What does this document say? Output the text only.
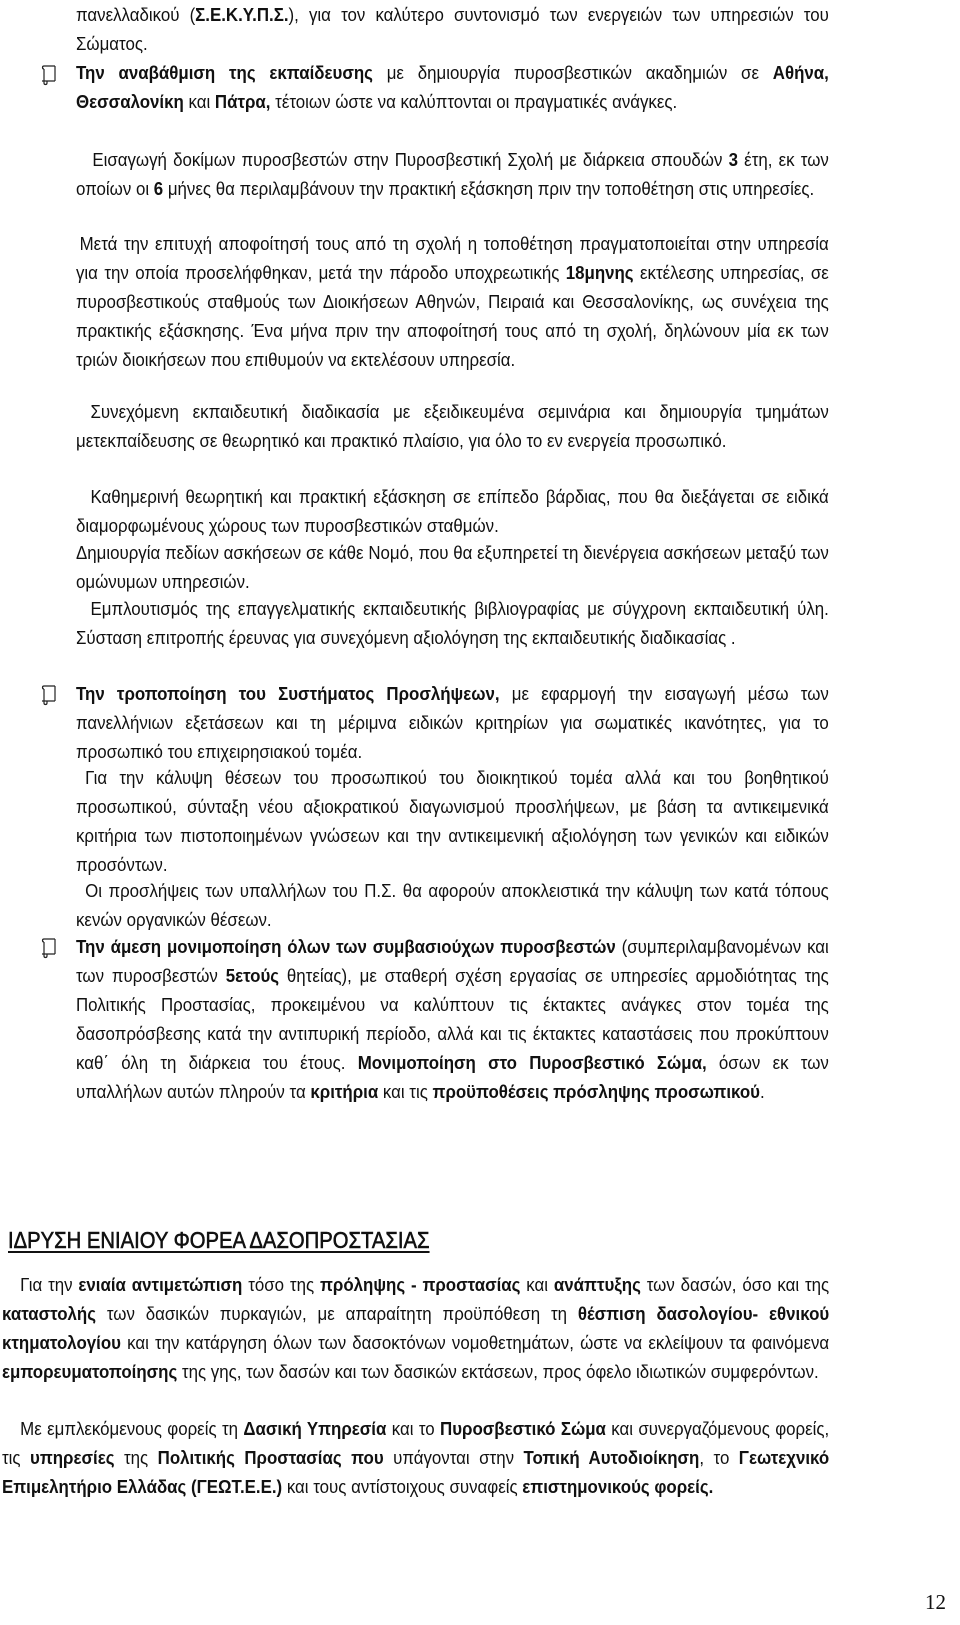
πανελλαδικού (Σ.Ε.Κ.Υ.Π.Σ.), για τον καλύτερο συντονισμό των ενεργειών των υπηρεσιών του Σώματος.
Την αναβάθμιση της εκπαίδευσης με δημιουργία πυροσβεστικών ακαδημιών σε Αθήνα, Θεσσαλονίκη και Πάτρα, τέτοιων ώστε να καλύπτονται οι πραγματικές ανάγκες.
Εισαγωγή δοκίμων πυροσβεστών στην Πυροσβεστική Σχολή με διάρκεια σπουδών 3 έτη, εκ των οποίων οι 6 μήνες θα περιλαμβάνουν την πρακτική εξάσκηση πριν την τοποθέτηση στις υπηρεσίες.
Μετά την επιτυχή αποφοίτησή τους από τη σχολή η τοποθέτηση πραγματοποιείται στην υπηρεσία για την οποία προσελήφθηκαν, μετά την πάροδο υποχρεωτικής 18μηνης εκτέλεσης υπηρεσίας, σε πυροσβεστικούς σταθμούς των Διοικήσεων Αθηνών, Πειραιά και Θεσσαλονίκης, ως συνέχεια της πρακτικής εξάσκησης. Ένα μήνα πριν την αποφοίτησή τους από τη σχολή, δηλώνουν μία εκ των τριών διοικήσεων που επιθυμούν να εκτελέσουν υπηρεσία.
Συνεχόμενη εκπαιδευτική διαδικασία με εξειδικευμένα σεμινάρια και δημιουργία τμημάτων μετεκπαίδευσης σε θεωρητικό και πρακτικό πλαίσιο, για όλο το εν ενεργεία προσωπικό.
Καθημερινή θεωρητική και πρακτική εξάσκηση σε επίπεδο βάρδιας, που θα διεξάγεται σε ειδικά διαμορφωμένους χώρους των πυροσβεστικών σταθμών.
Δημιουργία πεδίων ασκήσεων σε κάθε Νομό, που θα εξυπηρετεί τη διενέργεια ασκήσεων μεταξύ των ομώνυμων υπηρεσιών.
Εμπλουτισμός της επαγγελματικής εκπαιδευτικής βιβλιογραφίας με σύγχρονη εκπαιδευτική ύλη. Σύσταση επιτροπής έρευνας για συνεχόμενη αξιολόγηση της εκπαιδευτικής διαδικασίας .
Την τροποποίηση του Συστήματος Προσλήψεων, με εφαρμογή την εισαγωγή μέσω των πανελλήνιων εξετάσεων και τη μέριμνα ειδικών κριτηρίων για σωματικές ικανότητες, για το προσωπικό του επιχειρησιακού τομέα.
Για την κάλυψη θέσεων του προσωπικού του διοικητικού τομέα αλλά και του βοηθητικού προσωπικού, σύνταξη νέου αξιοκρατικού διαγωνισμού προσλήψεων, με βάση τα αντικειμενικά κριτήρια των πιστοποιημένων γνώσεων και την αντικειμενική αξιολόγηση των γενικών και ειδικών προσόντων.
Οι προσλήψεις των υπαλλήλων του Π.Σ. θα αφορούν αποκλειστικά την κάλυψη των κατά τόπους κενών οργανικών θέσεων.
Την άμεση μονιμοποίηση όλων των συμβασιούχων πυροσβεστών (συμπεριλαμβανομένων και των πυροσβεστών 5ετούς θητείας), με σταθερή σχέση εργασίας σε υπηρεσίες αρμοδιότητας της Πολιτικής Προστασίας, προκειμένου να καλύπτουν τις έκτακτες ανάγκες στον τομέα της δασοπρόσβεσης κατά την αντιπυρική περίοδο, αλλά και τις έκτακτες καταστάσεις που προκύπτουν καθ΄ όλη τη διάρκεια του έτους. Μονιμοποίηση στο Πυροσβεστικό Σώμα, όσων εκ των υπαλλήλων αυτών πληρούν τα κριτήρια και τις προϋποθέσεις πρόσληψης προσωπικού.
ΙΔΡΥΣΗ ΕΝΙΑΙΟΥ ΦΟΡΕΑ ΔΑΣΟΠΡΟΣΤΑΣΙΑΣ
Για την ενιαία αντιμετώπιση τόσο της πρόληψης - προστασίας και ανάπτυξης των δασών, όσο και της καταστολής των δασικών πυρκαγιών, με απαραίτητη προϋπόθεση τη θέσπιση δασολογίου- εθνικού κτηματολογίου και την κατάργηση όλων των δασοκτόνων νομοθετημάτων, ώστε να εκλείψουν τα φαινόμενα εμπορευματοποίησης της γης, των δασών και των δασικών εκτάσεων, προς όφελο ιδιωτικών συμφερόντων.
Με εμπλεκόμενους φορείς τη Δασική Υπηρεσία και το Πυροσβεστικό Σώμα και συνεργαζόμενους φορείς, τις υπηρεσίες της Πολιτικής Προστασίας που υπάγονται στην Τοπική Αυτοδιοίκηση, το Γεωτεχνικό Επιμελητήριο Ελλάδας (ΓΕΩΤ.Ε.Ε.) και τους αντίστοιχους συναφείς επιστημονικούς φορείς.
12
